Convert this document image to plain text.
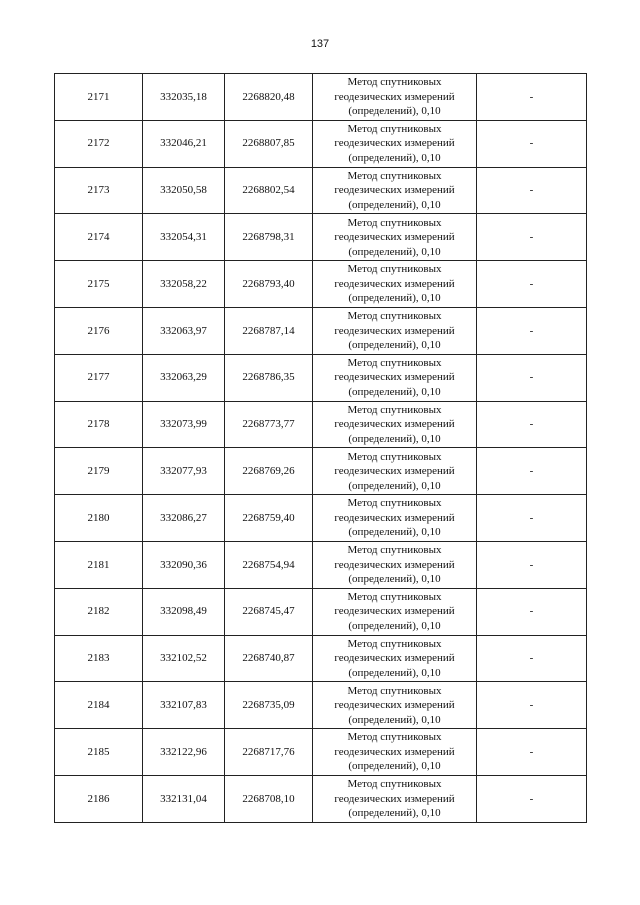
137
2171	332035,18	2268820,48	Метод спутниковых
геодезических измерений
(определений), 0,10	-
2172	332046,21	2268807,85	Метод спутниковых
геодезических измерений
(определений), 0,10	-
2173	332050,58	2268802,54	Метод спутниковых
геодезических измерений
(определений), 0,10	-
2174	332054,31	2268798,31	Метод спутниковых
геодезических измерений
(определений), 0,10	-
2175	332058,22	2268793,40	Метод спутниковых
геодезических измерений
(определений), 0,10	-
2176	332063,97	2268787,14	Метод спутниковых
геодезических измерений
(определений), 0,10	-
2177	332063,29	2268786,35	Метод спутниковых
геодезических измерений
(определений), 0,10	-
2178	332073,99	2268773,77	Метод спутниковых
геодезических измерений
(определений), 0,10	-
2179	332077,93	2268769,26	Метод спутниковых
геодезических измерений
(определений), 0,10	-
2180	332086,27	2268759,40	Метод спутниковых
геодезических измерений
(определений), 0,10	-
2181	332090,36	2268754,94	Метод спутниковых
геодезических измерений
(определений), 0,10	-
2182	332098,49	2268745,47	Метод спутниковых
геодезических измерений
(определений), 0,10	-
2183	332102,52	2268740,87	Метод спутниковых
геодезических измерений
(определений), 0,10	-
2184	332107,83	2268735,09	Метод спутниковых
геодезических измерений
(определений), 0,10	-
2185	332122,96	2268717,76	Метод спутниковых
геодезических измерений
(определений), 0,10	-
2186	332131,04	2268708,10	Метод спутниковых
геодезических измерений
(определений), 0,10	-
